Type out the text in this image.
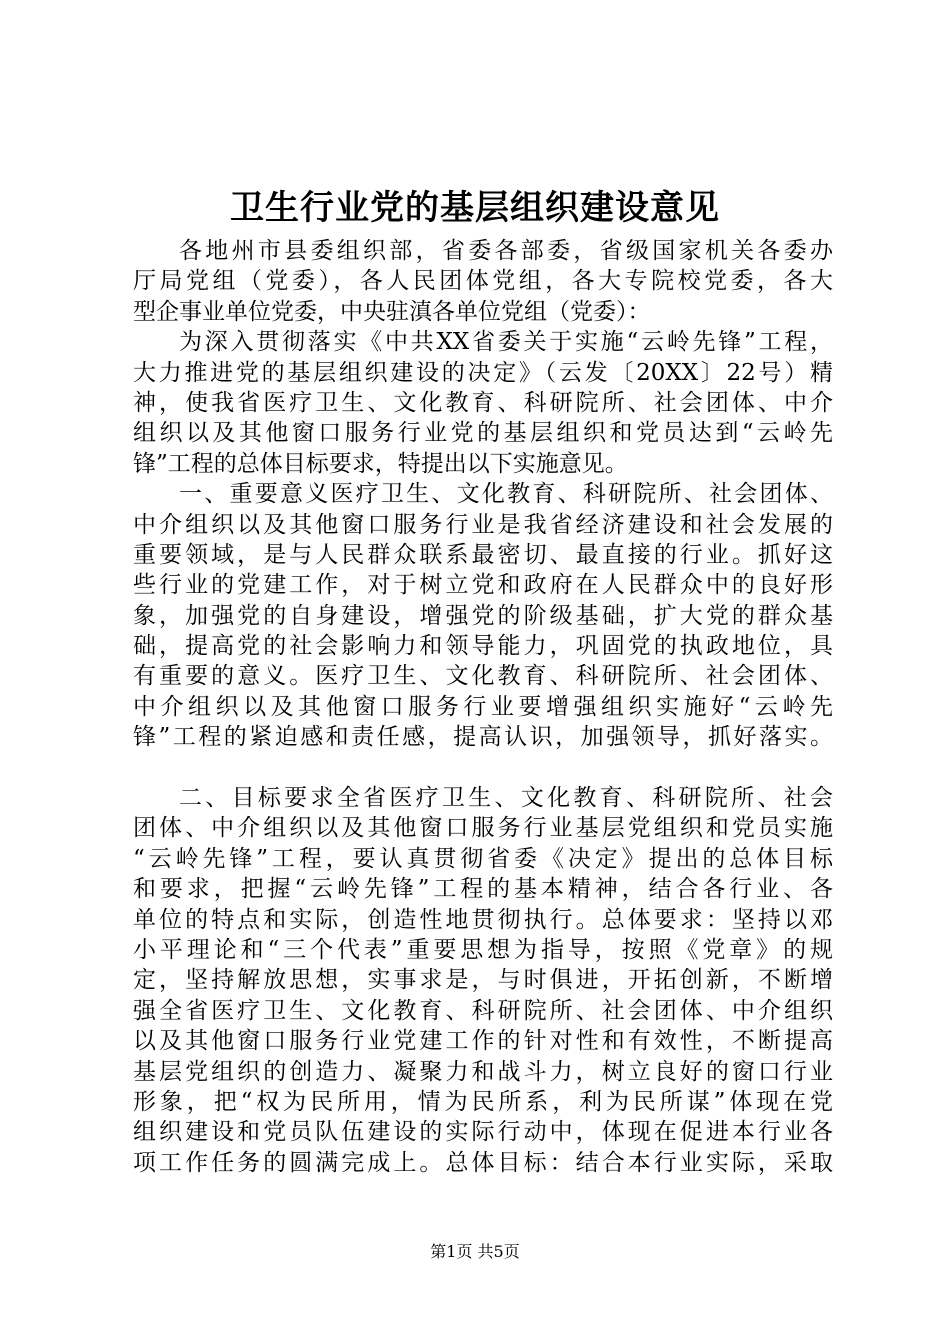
卫生行业党的基层组织建设意见
各地州市县委组织部，省委各部委，省级国家机关各委办
厅局党组（党委），各人民团体党组，各大专院校党委，各大
型企事业单位党委，中央驻滇各单位党组（党委）：
为深入贯彻落实《中共XX省委关于实施“云岭先锋”工程，
大力推进党的基层组织建设的决定》（云发〔20XX〕22号）精
神，使我省医疗卫生、文化教育、科研院所、社会团体、中介
组织以及其他窗口服务行业党的基层组织和党员达到“云岭先
锋”工程的总体目标要求，特提出以下实施意见。
一、重要意义医疗卫生、文化教育、科研院所、社会团体、
中介组织以及其他窗口服务行业是我省经济建设和社会发展的
重要领域，是与人民群众联系最密切、最直接的行业。抓好这
些行业的党建工作，对于树立党和政府在人民群众中的良好形
象，加强党的自身建设，增强党的阶级基础，扩大党的群众基
础，提高党的社会影响力和领导能力，巩固党的执政地位，具
有重要的意义。医疗卫生、文化教育、科研院所、社会团体、
中介组织以及其他窗口服务行业要增强组织实施好“云岭先
锋”工程的紧迫感和责任感，提高认识，加强领导，抓好落实。
二、目标要求全省医疗卫生、文化教育、科研院所、社会
团体、中介组织以及其他窗口服务行业基层党组织和党员实施
“云岭先锋”工程，要认真贯彻省委《决定》提出的总体目标
和要求，把握“云岭先锋”工程的基本精神，结合各行业、各
单位的特点和实际，创造性地贯彻执行。总体要求：坚持以邓
小平理论和“三个代表”重要思想为指导，按照《党章》的规
定，坚持解放思想，实事求是，与时俱进，开拓创新，不断增
强全省医疗卫生、文化教育、科研院所、社会团体、中介组织
以及其他窗口服务行业党建工作的针对性和有效性，不断提高
基层党组织的创造力、凝聚力和战斗力，树立良好的窗口行业
形象，把“权为民所用，情为民所系，利为民所谋”体现在党
组织建设和党员队伍建设的实际行动中，体现在促进本行业各
项工作任务的圆满完成上。总体目标：结合本行业实际，采取
第1页 共5页
